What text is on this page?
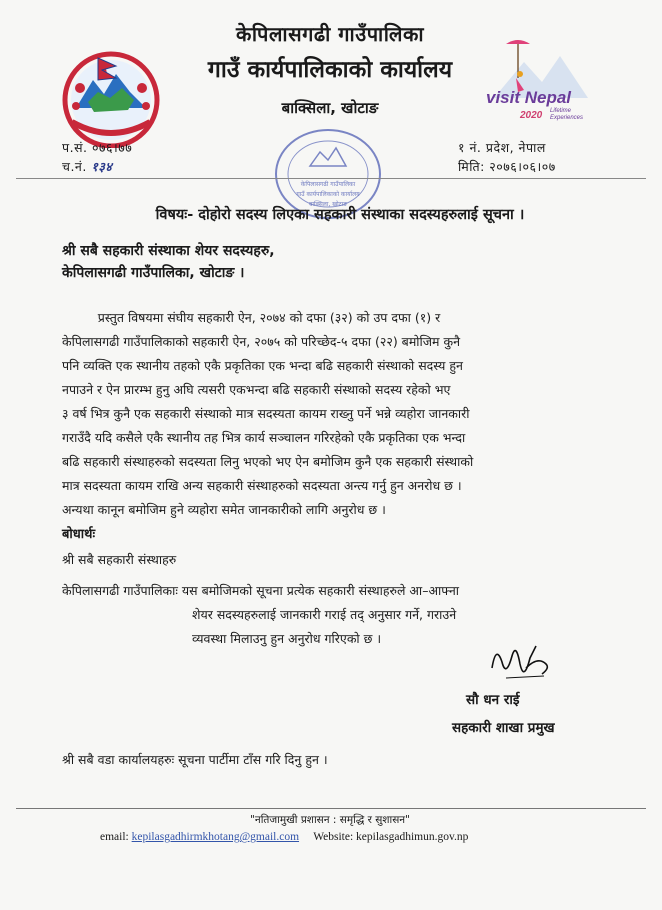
केपिलासगढी गाउँपालिका
गाउँ कार्यपालिकाको कार्यालय
बाक्सिला, खोटाङ
visit Nepal
2020 Lifetime Experiences
प.सं. ०७६।७७
च.नं. १३४
१ नं. प्रदेश, नेपाल
मिति: २०७६।०६।०७
केपिलासगढी गाउँपालिका
गाउँ कार्यपालिकाको कार्यालय
बाक्सिला, खोटाङ
विषयः- दोहोरो सदस्य लिएका सहकारी संस्थाका सदस्यहरुलाई सूचना ।
श्री सबै सहकारी संस्थाका शेयर सदस्यहरु,
केपिलासगढी गाउँपालिका, खोटाङ ।
प्रस्तुत विषयमा संघीय सहकारी ऐन, २०७४ को दफा (३२) को उप दफा (१) र
केपिलासगढी गाउँपालिकाको सहकारी ऐन, २०७५ को परिच्छेद-५ दफा (२२) बमोजिम कुनै
पनि व्यक्ति एक स्थानीय तहको एकै प्रकृतिका एक भन्दा बढि सहकारी संस्थाको सदस्य हुन
नपाउने र ऐन प्रारम्भ हुनु अघि त्यसरी एकभन्दा बढि सहकारी संस्थाको सदस्य रहेको भए
३ वर्ष भित्र कुनै एक सहकारी संस्थाको मात्र सदस्यता कायम राख्नु पर्ने भन्ने व्यहोरा जानकारी
गराउँदै यदि कसैले एकै स्थानीय तह भित्र कार्य सञ्चालन गरिरहेको एकै प्रकृतिका एक भन्दा
बढि सहकारी संस्थाहरुको सदस्यता लिनु भएको भए ऐन बमोजिम कुनै एक सहकारी संस्थाको
मात्र सदस्यता कायम राखि अन्य सहकारी संस्थाहरुको सदस्यता अन्त्य गर्नु हुन अनरोध छ ।
अन्यथा कानून बमोजिम हुने व्यहोरा समेत जानकारीको लागि अनुरोध छ ।
बोधार्थः
श्री सबै सहकारी संस्थाहरु
केपिलासगढी गाउँपालिकाः यस बमोजिमको सूचना प्रत्येक सहकारी संस्थाहरुले आ–आफ्ना
शेयर सदस्यहरुलाई जानकारी गराई तद् अनुसार गर्ने, गराउने
व्यवस्था मिलाउनु हुन अनुरोध गरिएको छ ।
सौ धन राई
सहकारी शाखा प्रमुख
श्री सबै वडा कार्यालयहरुः सूचना पार्टीमा टाँस गरि दिनु हुन ।
"नतिजामुखी प्रशासन : समृद्धि र सुशासन"
email: kepilasgadhirmkhotang@gmail.com Website: kepilasgadhimun.gov.np
